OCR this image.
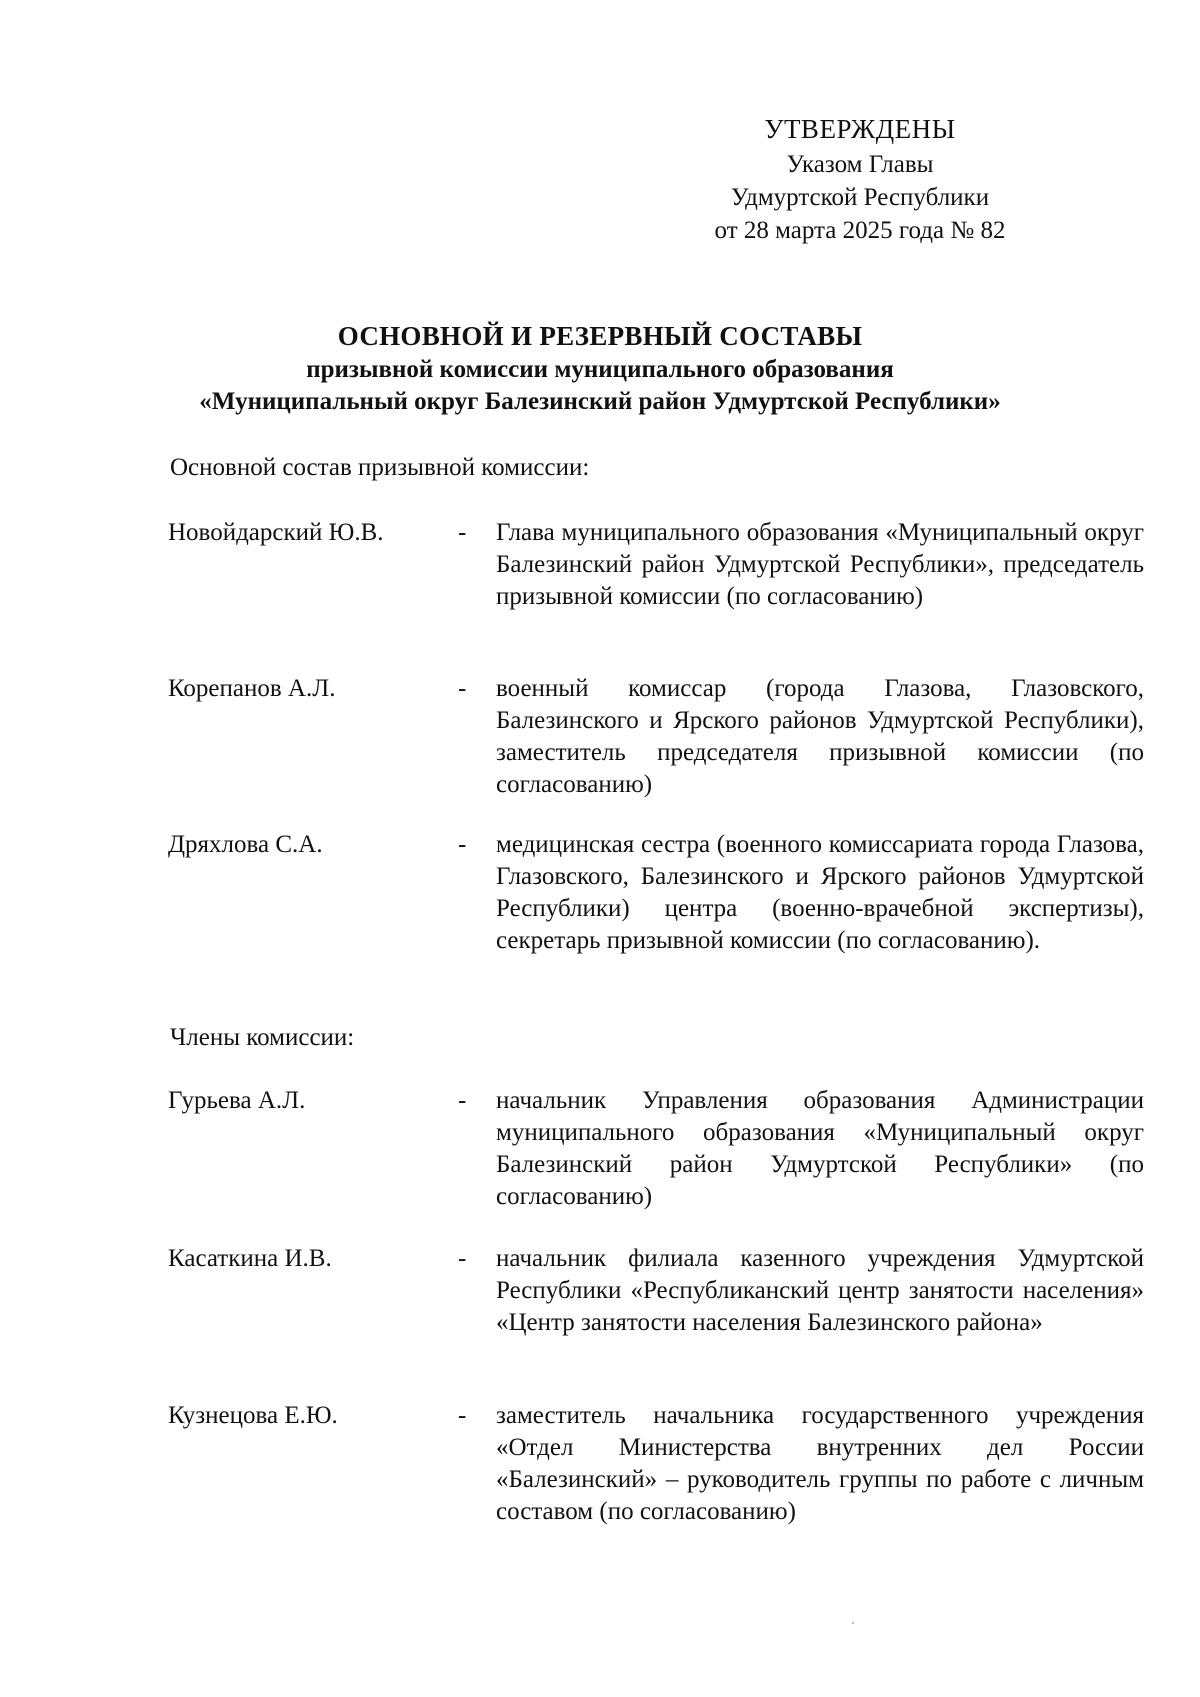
УТВЕРЖДЕНЫ
Указом Главы
Удмуртской Республики
от 28 марта 2025 года № 82
ОСНОВНОЙ И РЕЗЕРВНЫЙ СОСТАВЫ
призывной комиссии муниципального образования
«Муниципальный округ Балезинский район Удмуртской Республики»
Основной состав призывной комиссии:
Новойдарский Ю.В.	- Глава муниципального образования «Муниципальный округ Балезинский район Удмуртской Республики», председатель призывной комиссии (по согласованию)
Корепанов А.Л.	- военный комиссар (города Глазова, Глазовского, Балезинского и Ярского районов Удмуртской Республики), заместитель председателя призывной комиссии (по согласованию)
Дряхлова С.А.	- медицинская сестра (военного комиссариата города Глазова, Глазовского, Балезинского и Ярского районов Удмуртской Республики) центра (военно-врачебной экспертизы), секретарь призывной комиссии (по согласованию).
Члены комиссии:
Гурьева А.Л.	- начальник Управления образования Администрации муниципального образования «Муниципальный округ Балезинский район Удмуртской Республики» (по согласованию)
Касаткина И.В.	- начальник филиала казенного учреждения Удмуртской Республики «Республиканский центр занятости населения» «Центр занятости населения Балезинского района»
Кузнецова Е.Ю.	- заместитель начальника государственного учреждения «Отдел Министерства внутренних дел России «Балезинский» – руководитель группы по работе с личным составом (по согласованию)
